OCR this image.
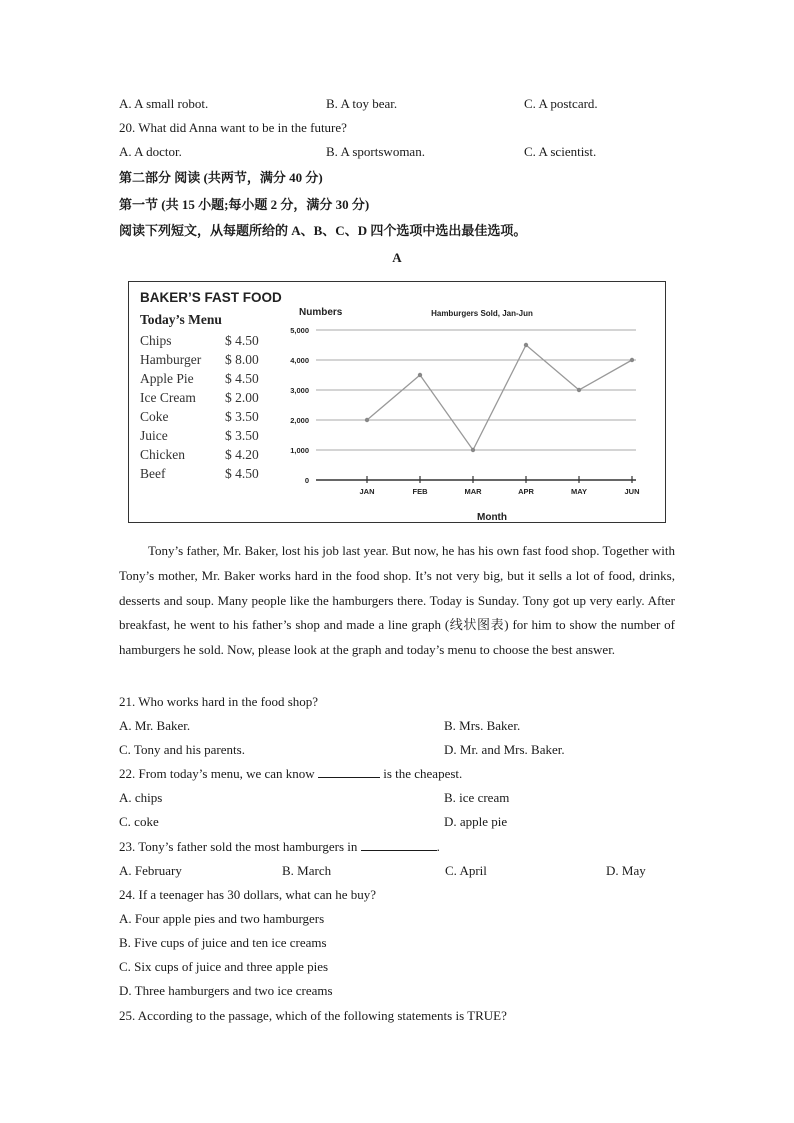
A. A small robot.	B. A toy bear.	C. A postcard.
20. What did Anna want to be in the future?
A. A doctor.	B. A sportswoman.	C. A scientist.
第二部分 阅读 (共两节，满分 40 分)
第一节 (共 15 小题;每小题 2 分，满分 30 分)
阅读下列短文，从每题所给的 A、B、C、D 四个选项中选出最佳选项。
A
BAKER’S FAST FOOD
Today’s Menu
Chips	$ 4.50
Hamburger $ 8.00
Apple Pie $ 4.50
Ice Cream $ 2.00
Coke	$ 3.50
Juice	$ 3.50
Chicken	$ 4.20
Beef	$ 4.50
Numbers	Hamburgers Sold, Jan-Jun
Month
0
1,000
2,000
3,000
4,000
5,000
JAN	FEB	MAR	APR	MAY	JUN

Tony’s father, Mr. Baker, lost his job last year. But now, he has his own fast food shop. Together with Tony’s mother, Mr. Baker works hard in the food shop. It’s not very big, but it sells a lot of food, drinks, desserts and soup. Many people like the hamburgers there. Today is Sunday. Tony got up very early. After breakfast, he went to his father’s shop and made a line graph (线状图表) for him to show the number of hamburgers he sold. Now, please look at the graph and today’s menu to choose the best answer.

21. Who works hard in the food shop?
A. Mr. Baker.	B. Mrs. Baker.
C. Tony and his parents.	D. Mr. and Mrs. Baker.
22. From today’s menu, we can know	is the cheapest.
A. chips	B. ice cream
C. coke	D. apple pie
23. Tony’s father sold the most hamburgers in	.
A. February	B. March	C. April	D. May
24. If a teenager has 30 dollars, what can he buy?
A. Four apple pies and two hamburgers
B. Five cups of juice and ten ice creams
C. Six cups of juice and three apple pies
D. Three hamburgers and two ice creams
25. According to the passage, which of the following statements is TRUE?
